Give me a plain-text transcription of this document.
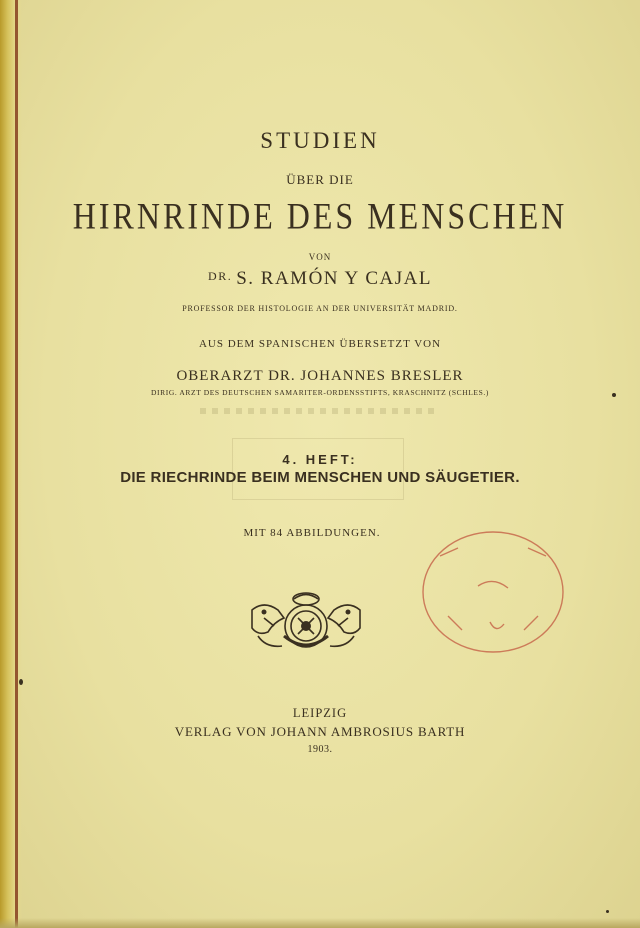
STUDIEN
ÜBER DIE
HIRNRINDE DES MENSCHEN
VON
$^{DR.}$ S. RAMÓN Y CAJAL
PROFESSOR DER HISTOLOGIE AN DER UNIVERSITÄT MADRID.
AUS DEM SPANISCHEN ÜBERSETZT VON
OBERARZT DR. JOHANNES BRESLER
DIRIG. ARZT DES DEUTSCHEN SAMARITER-ORDENSSTIFTS, KRASCHNITZ (SCHLES.)
4. HEFT:
DIE RIECHRINDE BEIM MENSCHEN UND SÄUGETIER.
MIT 84 ABBILDUNGEN.
LEIPZIG
VERLAG VON JOHANN AMBROSIUS BARTH
1903.
